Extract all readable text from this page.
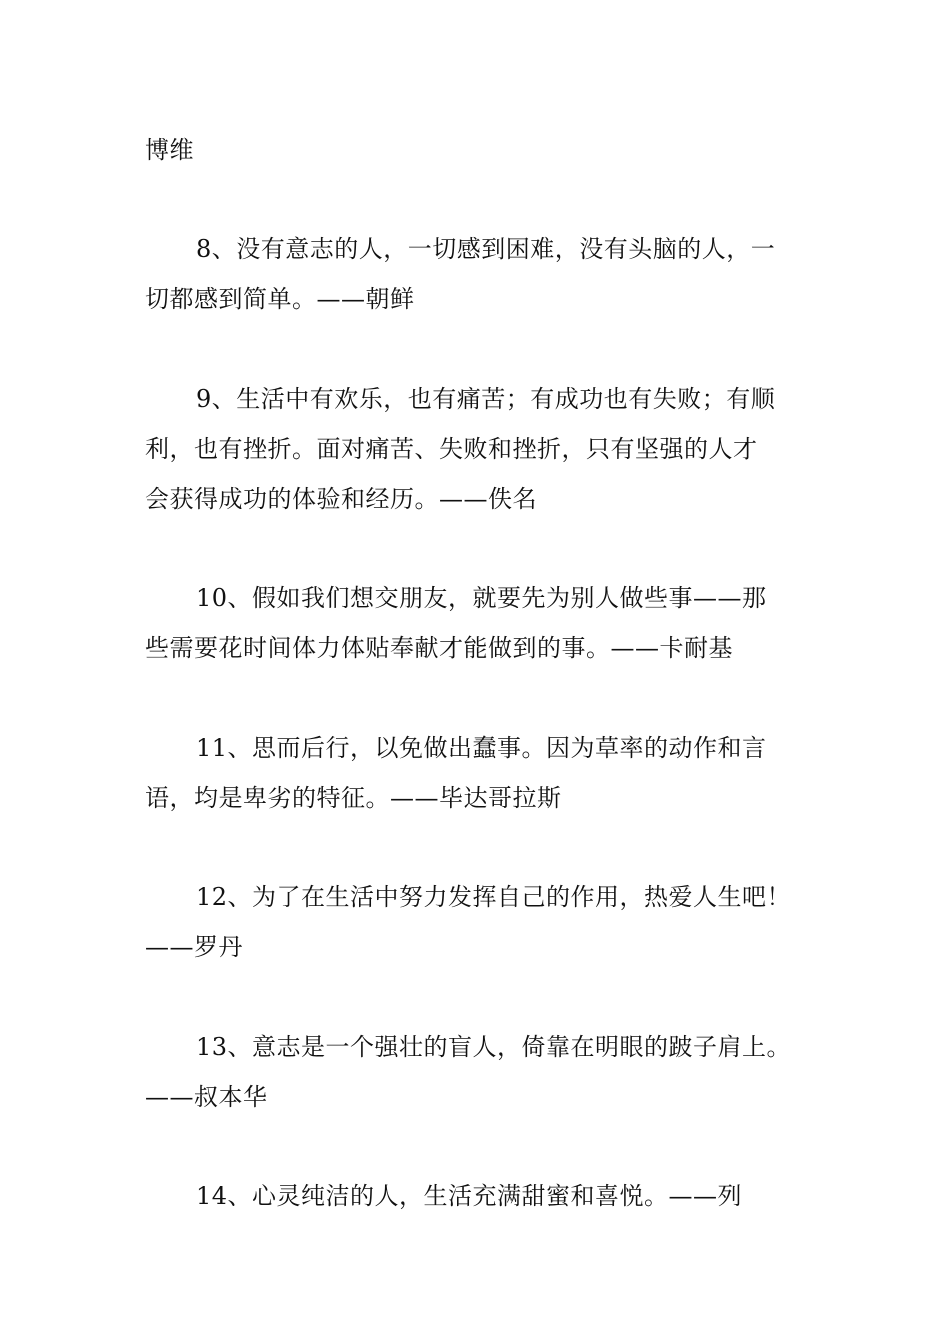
博维
8、没有意志的人，一切感到困难，没有头脑的人，一
切都感到简单。——朝鲜
9、生活中有欢乐，也有痛苦；有成功也有失败；有顺
利，也有挫折。面对痛苦、失败和挫折，只有坚强的人才
会获得成功的体验和经历。——佚名
10、假如我们想交朋友，就要先为别人做些事——那
些需要花时间体力体贴奉献才能做到的事。——卡耐基
11、思而后行，以免做出蠢事。因为草率的动作和言
语，均是卑劣的特征。——毕达哥拉斯
12、为了在生活中努力发挥自己的作用，热爱人生吧！
——罗丹
13、意志是一个强壮的盲人，倚靠在明眼的跛子肩上。
——叔本华
14、心灵纯洁的人，生活充满甜蜜和喜悦。——列
